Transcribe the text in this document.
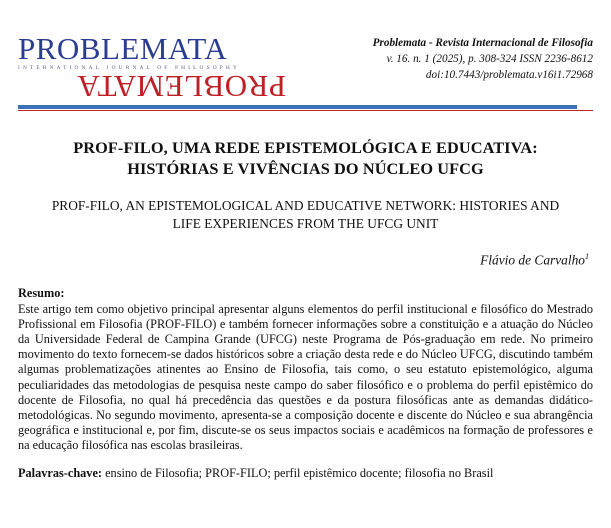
PROBLEMATA
INTERNATIONAL JOURNAL OF PHILOSOPHY
PROBLEMATA
Problemata - Revista Internacional de Filosofia
v. 16. n. 1 (2025), p. 308-324 ISSN 2236-8612
doi:10.7443/problemata.v16i1.72968
PROF-FILO, UMA REDE EPISTEMOLÓGICA E EDUCATIVA:
HISTÓRIAS E VIVÊNCIAS DO NÚCLEO UFCG
PROF-FILO, AN EPISTEMOLOGICAL AND EDUCATIVE NETWORK: HISTORIES AND
LIFE EXPERIENCES FROM THE UFCG UNIT
Flávio de Carvalho$^1$
Resumo:
Este artigo tem como objetivo principal apresentar alguns elementos do perfil institucional e filosófico do Mestrado Profissional em Filosofia (PROF-FILO) e também fornecer informações sobre a constituição e a atuação do Núcleo da Universidade Federal de Campina Grande (UFCG) neste Programa de Pós-graduação em rede. No primeiro movimento do texto fornecem-se dados históricos sobre a criação desta rede e do Núcleo UFCG, discutindo também algumas problematizações atinentes ao Ensino de Filosofia, tais como, o seu estatuto epistemológico, alguma peculiaridades das metodologias de pesquisa neste campo do saber filosófico e o problema do perfil epistêmico do docente de Filosofia, no qual há precedência das questões e da postura filosóficas ante as demandas didático-metodológicas. No segundo movimento, apresenta-se a composição docente e discente do Núcleo e sua abrangência geográfica e institucional e, por fim, discute-se os seus impactos sociais e acadêmicos na formação de professores e na educação filosófica nas escolas brasileiras.
Palavras-chave: ensino de Filosofia; PROF-FILO; perfil epistêmico docente; filosofia no Brasil
